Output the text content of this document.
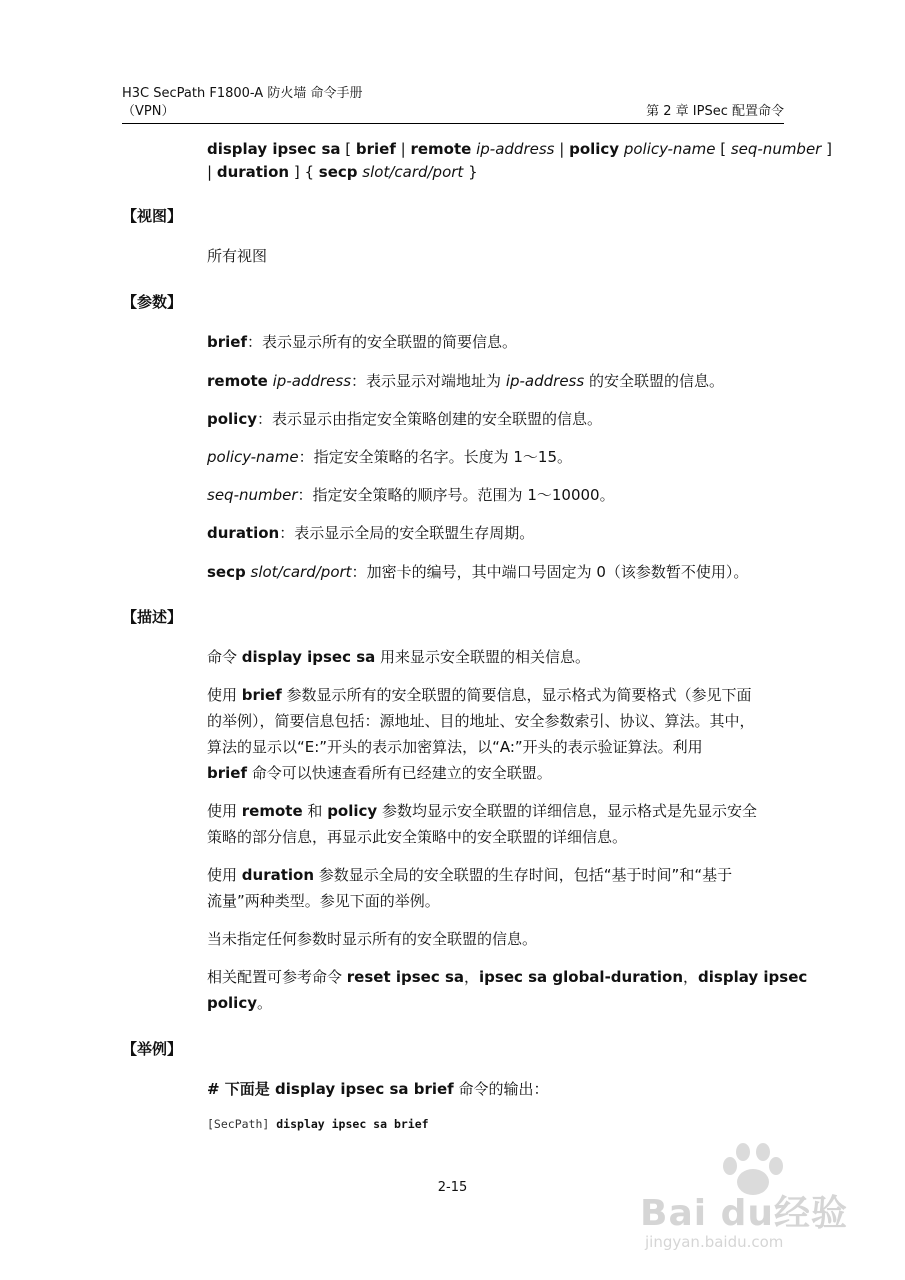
H3C SecPath F1800-A 防火墙 命令手册
（VPN）	第 2 章 IPSec 配置命令
display ipsec sa [ brief | remote ip-address | policy policy-name [ seq-number ]
| duration ] { secp slot/card/port }
【视图】
所有视图
【参数】
brief：表示显示所有的安全联盟的简要信息。
remote ip-address：表示显示对端地址为 ip-address 的安全联盟的信息。
policy：表示显示由指定安全策略创建的安全联盟的信息。
policy-name：指定安全策略的名字。长度为 1～15。
seq-number：指定安全策略的顺序号。范围为 1～10000。
duration：表示显示全局的安全联盟生存周期。
secp slot/card/port：加密卡的编号，其中端口号固定为 0（该参数暂不使用）。
【描述】
命令 display ipsec sa 用来显示安全联盟的相关信息。
使用 brief 参数显示所有的安全联盟的简要信息，显示格式为简要格式（参见下面
的举例），简要信息包括：源地址、目的地址、安全参数索引、协议、算法。其中，
算法的显示以“E:”开头的表示加密算法，以“A:”开头的表示验证算法。利用
brief 命令可以快速查看所有已经建立的安全联盟。
使用 remote 和 policy 参数均显示安全联盟的详细信息，显示格式是先显示安全
策略的部分信息，再显示此安全策略中的安全联盟的详细信息。
使用 duration 参数显示全局的安全联盟的生存时间，包括“基于时间”和“基于
流量”两种类型。参见下面的举例。
当未指定任何参数时显示所有的安全联盟的信息。
相关配置可参考命令 reset ipsec sa，ipsec sa global-duration，display ipsec
policy。
【举例】
# 下面是 display ipsec sa brief 命令的输出：
[SecPath] display ipsec sa brief
2-15
Bai du经验
jingyan.baidu.com
